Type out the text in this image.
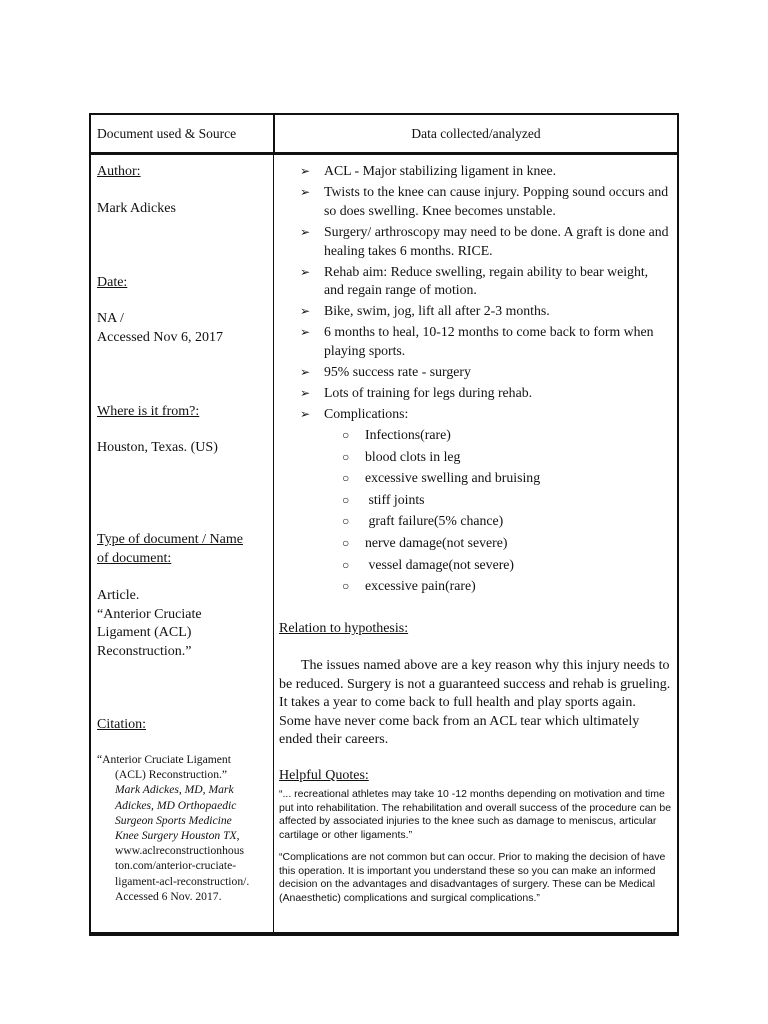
Document used & Source	Data collected/analyzed
Author:
Mark Adickes
Date:
NA /
Accessed Nov 6, 2017
Where is it from?:
Houston, Texas. (US)
Type of document / Name
of document:
Article.
“Anterior Cruciate
Ligament (ACL)
Reconstruction.”
Citation:
“Anterior Cruciate Ligament
(ACL) Reconstruction.”
Mark Adickes, MD, Mark
Adickes, MD Orthopaedic
Surgeon Sports Medicine
Knee Surgery Houston TX,
www.aclreconstructionhous
ton.com/anterior-cruciate-
ligament-acl-reconstruction/.
Accessed 6 Nov. 2017.
➢ ACL - Major stabilizing ligament in knee.
➢ Twists to the knee can cause injury. Popping sound occurs and so does swelling. Knee becomes unstable.
➢ Surgery/ arthroscopy may need to be done. A graft is done and healing takes 6 months. RICE.
➢ Rehab aim: Reduce swelling, regain ability to bear weight, and regain range of motion.
➢ Bike, swim, jog, lift all after 2-3 months.
➢ 6 months to heal, 10-12 months to come back to form when playing sports.
➢ 95% success rate - surgery
➢ Lots of training for legs during rehab.
➢ Complications:
○ Infections(rare)
○ blood clots in leg
○ excessive swelling and bruising
○ stiff joints
○ graft failure(5% chance)
○ nerve damage(not severe)
○ vessel damage(not severe)
○ excessive pain(rare)
Relation to hypothesis:
The issues named above are a key reason why this injury needs to be reduced. Surgery is not a guaranteed success and rehab is grueling. It takes a year to come back to full health and play sports again. Some have never come back from an ACL tear which ultimately ended their careers.
Helpful Quotes:
“... recreational athletes may take 10 -12 months depending on motivation and time put into rehabilitation. The rehabilitation and overall success of the procedure can be affected by associated injuries to the knee such as damage to meniscus, articular cartilage or other ligaments.”
“Complications are not common but can occur. Prior to making the decision of have this operation. It is important you understand these so you can make an informed decision on the advantages and disadvantages of surgery. These can be Medical (Anaesthetic) complications and surgical complications.”
